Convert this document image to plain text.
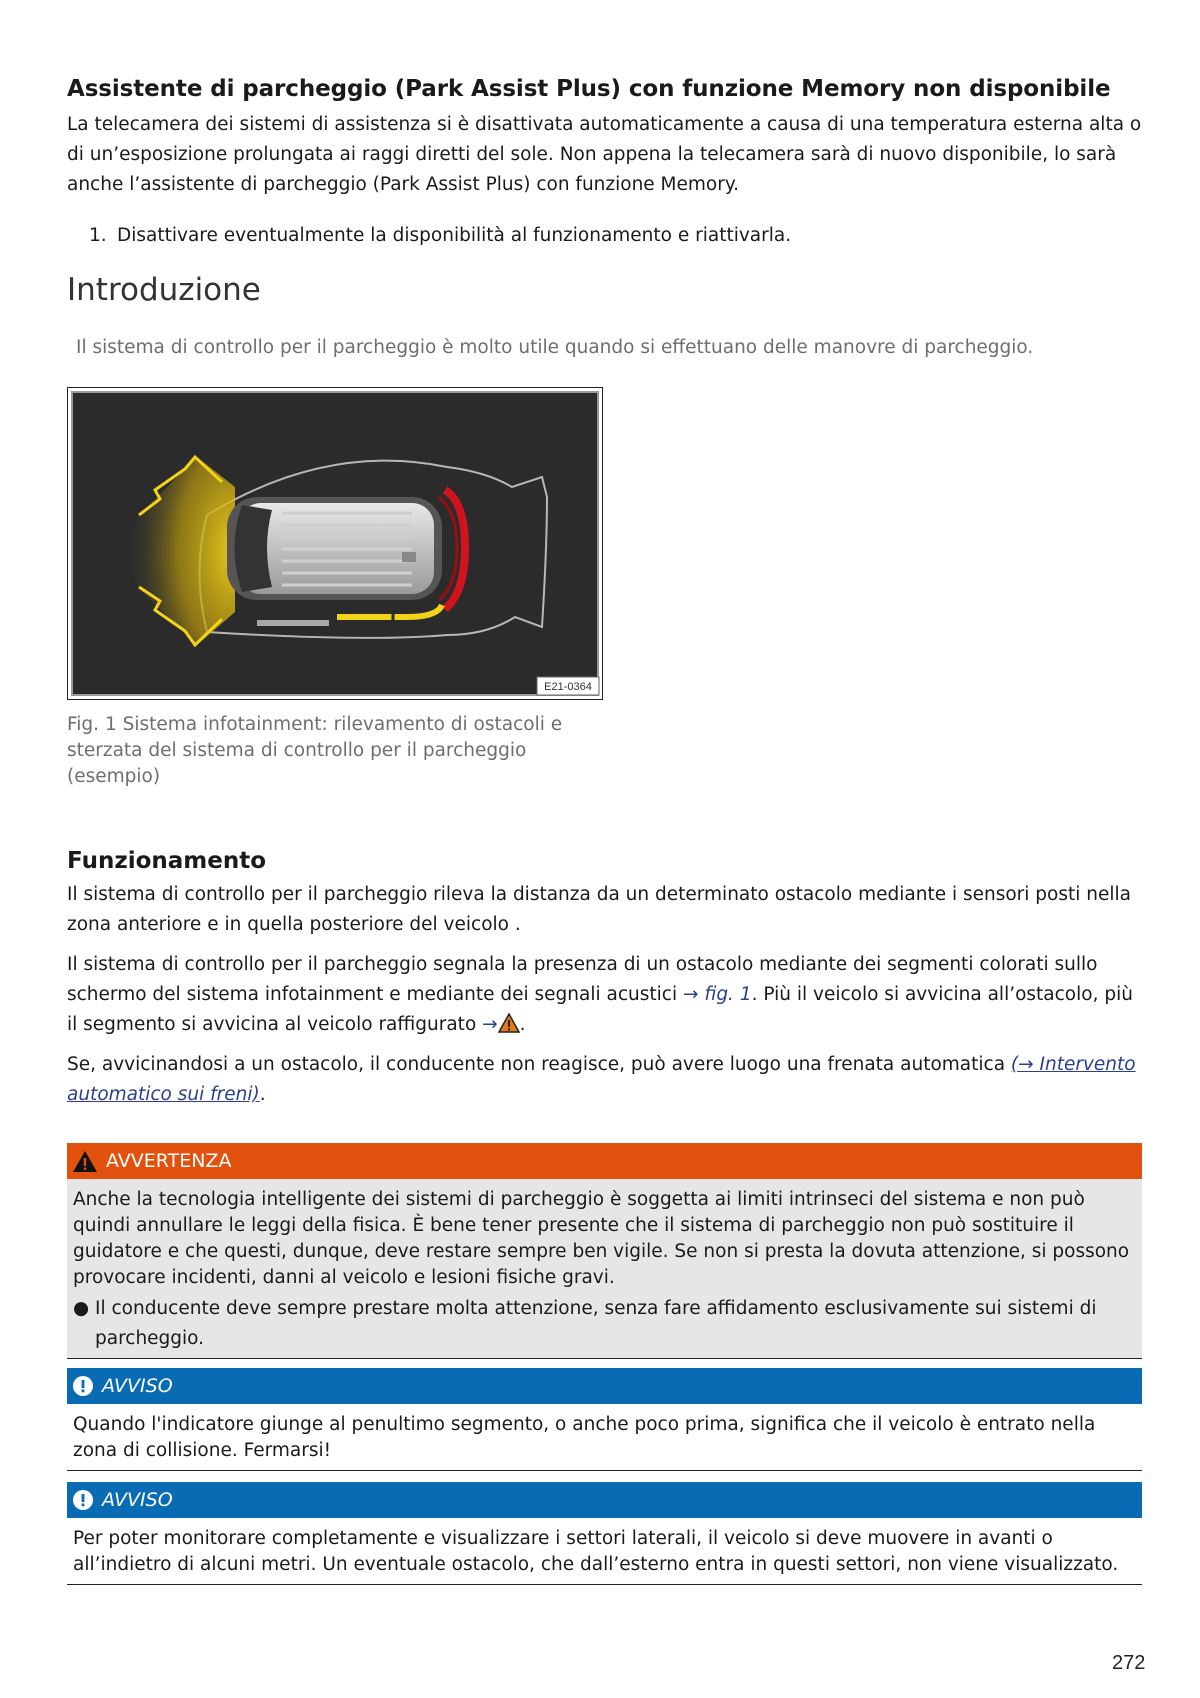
Assistente di parcheggio (Park Assist Plus) con funzione Memory non disponibile

La telecamera dei sistemi di assistenza si è disattivata automaticamente a causa di una temperatura esterna alta o di un’esposizione prolungata ai raggi diretti del sole. Non appena la telecamera sarà di nuovo disponibile, lo sarà anche l’assistente di parcheggio (Park Assist Plus) con funzione Memory.

1. Disattivare eventualmente la disponibilità al funzionamento e riattivarla.
Introduzione
Il sistema di controllo per il parcheggio è molto utile quando si effettuano delle manovre di parcheggio.
E21-0364
Fig. 1 Sistema infotainment: rilevamento di ostacoli e sterzata del sistema di controllo per il parcheggio (esempio)
Funzionamento

Il sistema di controllo per il parcheggio rileva la distanza da un determinato ostacolo mediante i sensori posti nella zona anteriore e in quella posteriore del veicolo .

Il sistema di controllo per il parcheggio segnala la presenza di un ostacolo mediante dei segmenti colorati sullo schermo del sistema infotainment e mediante dei segnali acustici → fig. 1. Più il veicolo si avvicina all’ostacolo, più il segmento si avvicina al veicolo raffigurato → .

Se, avvicinandosi a un ostacolo, il conducente non reagisce, può avere luogo una frenata automatica (→ Intervento automatico sui freni).

AVVERTENZA
Anche la tecnologia intelligente dei sistemi di parcheggio è soggetta ai limiti intrinseci del sistema e non può quindi annullare le leggi della fisica. È bene tener presente che il sistema di parcheggio non può sostituire il guidatore e che questi, dunque, deve restare sempre ben vigile. Se non si presta la dovuta attenzione, si possono provocare incidenti, danni al veicolo e lesioni fisiche gravi.
● Il conducente deve sempre prestare molta attenzione, senza fare affidamento esclusivamente sui sistemi di parcheggio.
AVVISO
Quando l'indicatore giunge al penultimo segmento, o anche poco prima, significa che il veicolo è entrato nella zona di collisione. Fermarsi!
AVVISO
Per poter monitorare completamente e visualizzare i settori laterali, il veicolo si deve muovere in avanti o all’indietro di alcuni metri. Un eventuale ostacolo, che dall’esterno entra in questi settori, non viene visualizzato.
272
